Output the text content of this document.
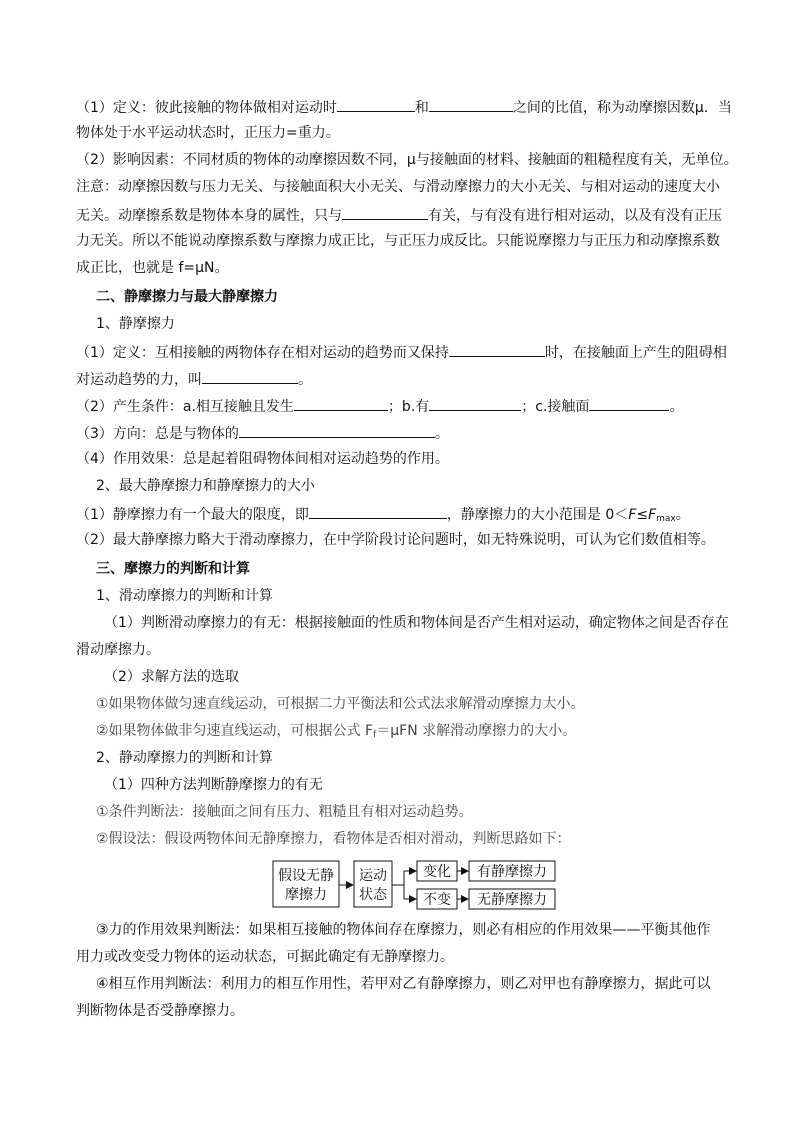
（1）定义：彼此接触的物体做相对运动时	和	之间的比值，称为动摩擦因数μ．当
物体处于水平运动状态时，正压力=重力。
（2）影响因素：不同材质的物体的动摩擦因数不同，μ与接触面的材料、接触面的粗糙程度有关，无单位。
注意：动摩擦因数与压力无关、与接触面积大小无关、与滑动摩擦力的大小无关、与相对运动的速度大小
无关。动摩擦系数是物体本身的属性，只与	有关，与有没有进行相对运动，以及有没有正压
力无关。所以不能说动摩擦系数与摩擦力成正比，与正压力成反比。只能说摩擦力与正压力和动摩擦系数
成正比，也就是 f=μN。
二、静摩擦力与最大静摩擦力
1、静摩擦力
（1）定义：互相接触的两物体存在相对运动的趋势而又保持	时，在接触面上产生的阻碍相
对运动趋势的力，叫	。
（2）产生条件：a.相互接触且发生	；b.有	；c.接触面	。
（3）方向：总是与物体的	。
（4）作用效果：总是起着阻碍物体间相对运动趋势的作用。
2、最大静摩擦力和静摩擦力的大小
（1）静摩擦力有一个最大的限度，即	，静摩擦力的大小范围是 $0<F\le F_{max}$。
（2）最大静摩擦力略大于滑动摩擦力，在中学阶段讨论问题时，如无特殊说明，可认为它们数值相等。
三、摩擦力的判断和计算
1、滑动摩擦力的判断和计算
（1）判断滑动摩擦力的有无：根据接触面的性质和物体间是否产生相对运动，确定物体之间是否存在
滑动摩擦力。
（2）求解方法的选取
①如果物体做匀速直线运动，可根据二力平衡法和公式法求解滑动摩擦力大小。
②如果物体做非匀速直线运动，可根据公式 $F_f=\mu FN$ 求解滑动摩擦力的大小。
2、静动摩擦力的判断和计算
（1）四种方法判断静摩擦力的有无
①条件判断法：接触面之间有压力、粗糙且有相对运动趋势。
②假设法：假设两物体间无静摩擦力，看物体是否相对滑动，判断思路如下：
假设无静
摩擦力
运动
状态
变化
不变
有静摩擦力
无静摩擦力
③力的作用效果判断法：如果相互接触的物体间存在摩擦力，则必有相应的作用效果——平衡其他作
用力或改变受力物体的运动状态，可据此确定有无静摩擦力。
④相互作用判断法：利用力的相互作用性，若甲对乙有静摩擦力，则乙对甲也有静摩擦力，据此可以
判断物体是否受静摩擦力。
